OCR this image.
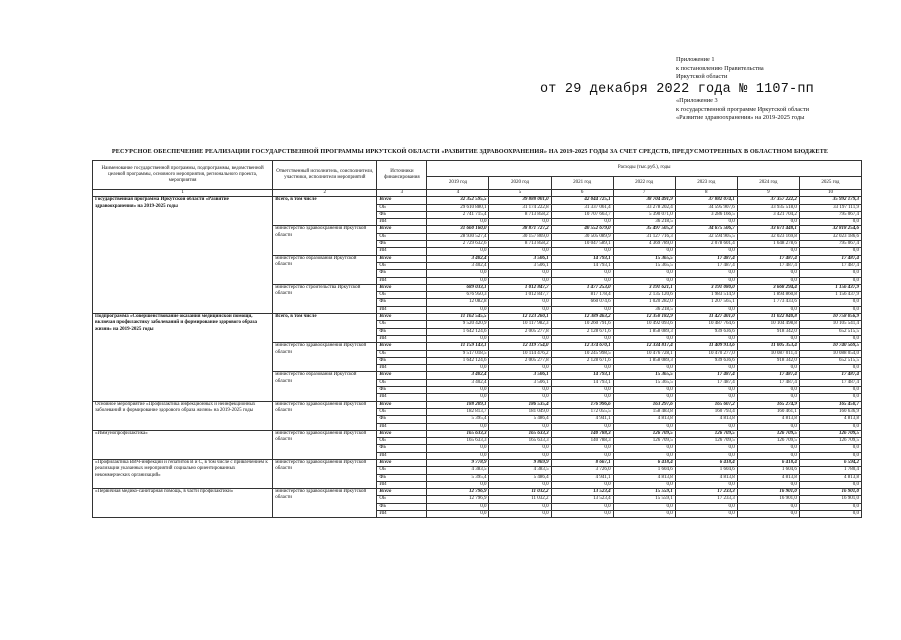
Приложение 1
к постановлению Правительства
Иркутской области
от 29 декабря 2022 года № 1107-пп
«Приложение 3
к государственной программе Иркутской области
«Развитие здравоохранения» на 2019-2025 годы
РЕСУРСНОЕ ОБЕСПЕЧЕНИЕ РЕАЛИЗАЦИИ ГОСУДАРСТВЕННОЙ ПРОГРАММЫ ИРКУТСКОЙ ОБЛАСТИ «РАЗВИТИЕ ЗДРАВООХРАНЕНИЯ» НА 2019-2025 ГОДЫ ЗА СЧЕТ СРЕДСТВ, ПРЕДУСМОТРЕННЫХ В ОБЛАСТНОМ БЮДЖЕТЕ
Наименование государственной программы, подпрограммы, ведомственной целевой программы, основного мероприятия, регионального проекта, мероприятия	Ответственный исполнитель, соисполнители, участники, исполнители мероприятий	Источники финансирования	Расходы (тыс.руб.), годы						
			2019 год	2020 год	2021 год	2022 год	2023 год	2024 год	2025 год
1	2	3	4	5	6	7	8	9	10
Государственная программа Иркутской области «Развитие здравоохранения» на 2019-2025 годы	Всего, в том числе	Всего	32 352 595,5	39 888 001,0	42 044 725,1	38 704 491,9	37 882 074,1	37 357 222,2	35 992 179,3
		ОБ	29 610 880,1	31 174 222,8	31 337 061,4	33 278 202,4	34 595 907,6	33 935 518,0	33 197 111,9
		ФБ	2 741 715,4	8 713 858,2	10 707 663,7	5 390 071,0	3 286 166,5	3 421 704,2	795 067,4
		ИИ	0,0	0,0	0,0	36 218,5	0,0	0,0	0,0
	министерство здравоохранения Иркутской области	Всего	31 660 160,0	38 871 727,2	40 552 679,0	35 497 505,3	34 675 506,7	33 671 448,1	32 818 254,6
		ОБ	28 930 527,4	30 157 869,0	30 505 089,9	31 127 716,3	32 594 905,5	32 023 169,8	32 023 186,6
		ФБ	2 729 632,6	8 713 858,2	10 047 589,1	4 369 789,0	2 078 601,4	1 648 278,6	795 067,4
		ИИ	0,0	0,0	0,0	0,0	0,0	0,0	0,0
	министерство образования Иркутской области	Всего	3 402,4	3 506,1	14 793,1	15 365,5	17 487,4	17 487,4	17 487,4
		ОБ	3 402,4	3 506,1	14 793,1	15 365,5	17 487,4	17 487,4	17 487,4
		ФБ	0,0	0,0	0,0	0,0	0,0	0,0	0,0
		ИИ	0,0	0,0	0,0	0,0	0,0	0,0	0,0
	министерство строительства Иркутской области	Всего	689 033,1	1 012 847,7	1 477 253,0	3 191 621,1	3 191 080,0	3 668 294,4	1 156 437,9
		ОБ	676 950,3	1 012 847,7	817 178,4	2 135 120,6	1 983 514,9	1 894 860,8	1 156 437,9
		ФБ	12 082,8	0,0	660 074,6	1 020 282,0	1 207 565,1	1 773 433,6	0,0
		ИИ	0,0	0,0	0,0	36 218,5	0,0	0,0	0,0
Подпрограмма «Совершенствование оказания медицинской помощи, включая профилактику заболеваний и формирование здорового образа жизни» на 2019-2025 годы	Всего, в том числе	Всего	11 162 545,5	12 123 260,1	12 389 463,2	12 350 182,9	11 427 401,0	11 022 840,8	10 758 056,9
		ОБ	9 520 420,9	10 117 982,3	10 260 791,6	10 492 093,6	10 487 764,6	10 104 498,8	10 105 541,4
		ФБ	1 642 124,6	2 005 277,8	2 128 671,6	1 858 089,3	939 636,6	918 342,0	652 515,5
		ИИ	0,0	0,0	0,0	0,0	0,0	0,0	0,0
	министерство здравоохранения Иркутской области	Всего	11 159 143,1	12 119 754,0	12 374 670,1	12 334 817,4	11 409 913,6	11 005 353,4	10 740 569,5
		ОБ	9 517 018,5	10 114 476,2	10 245 998,5	10 476 728,1	10 470 277,0	10 087 011,4	10 088 054,0
		ФБ	1 642 124,6	2 005 277,8	2 128 671,6	1 858 089,3	939 636,6	918 342,0	652 515,5
		ИИ	0,0	0,0	0,0	0,0	0,0	0,0	0,0
	министерство образования Иркутской области	Всего	3 402,4	3 506,1	14 793,1	15 365,5	17 487,4	17 487,4	17 487,4
		ОБ	3 402,4	3 506,1	14 793,1	15 365,5	17 487,4	17 487,4	17 487,4
		ФБ	0,0	0,0	0,0	0,0	0,0	0,0	0,0
		ИИ	0,0	0,0	0,0	0,0	0,0	0,0	0,0
Основное мероприятие «Профилактика инфекционных и неинфекционных заболеваний и формирование здорового образа жизни» на 2019-2025 годы	министерство здравоохранения Иркутской области	Всего	188 209,1	186 535,4	176 996,6	163 297,6	165 607,2	165 274,9	165 450,7
		ОБ	182 813,7	181 049,0	172 055,5	158 483,8	160 793,4	160 461,1	160 636,9
		ФБ	5 395,4	5 486,4	4 941,1	4 813,8	4 813,8	4 813,8	4 813,8
		ИИ	0,0	0,0	0,0	0,0	0,0	0,0	0,0
«Иммунопрофилактика»	министерство здравоохранения Иркутской области	Всего	165 633,3	165 633,3	140 788,3	126 709,5	126 709,5	126 709,5	126 709,5
		ОБ	165 633,3	165 633,3	140 788,3	126 709,5	126 709,5	126 709,5	126 709,5
		ФБ	0,0	0,0	0,0	0,0	0,0	0,0	0,0
		ИИ	0,0	0,0	0,0	0,0	0,0	0,0	0,0
«Профилактика ВИЧ-инфекции и гепатитов В и С, в том числе с привлечением к реализации указанных мероприятий социально ориентированных некоммерческих организаций»	министерство здравоохранения Иркутской области	Всего	9 778,9	9 869,9	8 667,1	6 418,4	6 418,4	6 418,4	6 594,2
		ОБ	4 383,5	4 383,5	3 726,0	1 604,6	1 604,6	1 604,6	1 780,4
		ФБ	5 395,4	5 486,4	4 941,1	4 813,8	4 813,8	4 813,8	4 813,8
		ИИ	0,0	0,0	0,0	0,0	0,0	0,0	0,0
«Первичная медико-санитарная помощь, в части профилактики»	министерство здравоохранения Иркутской области	Всего	12 796,9	11 032,2	13 523,4	15 559,1	17 233,3	16 901,0	16 901,0
		ОБ	12 796,9	11 032,2	13 523,4	15 559,1	17 233,3	16 901,0	16 901,0
		ФБ	0,0	0,0	0,0	0,0	0,0	0,0	0,0
		ИИ	0,0	0,0	0,0	0,0	0,0	0,0	0,0
